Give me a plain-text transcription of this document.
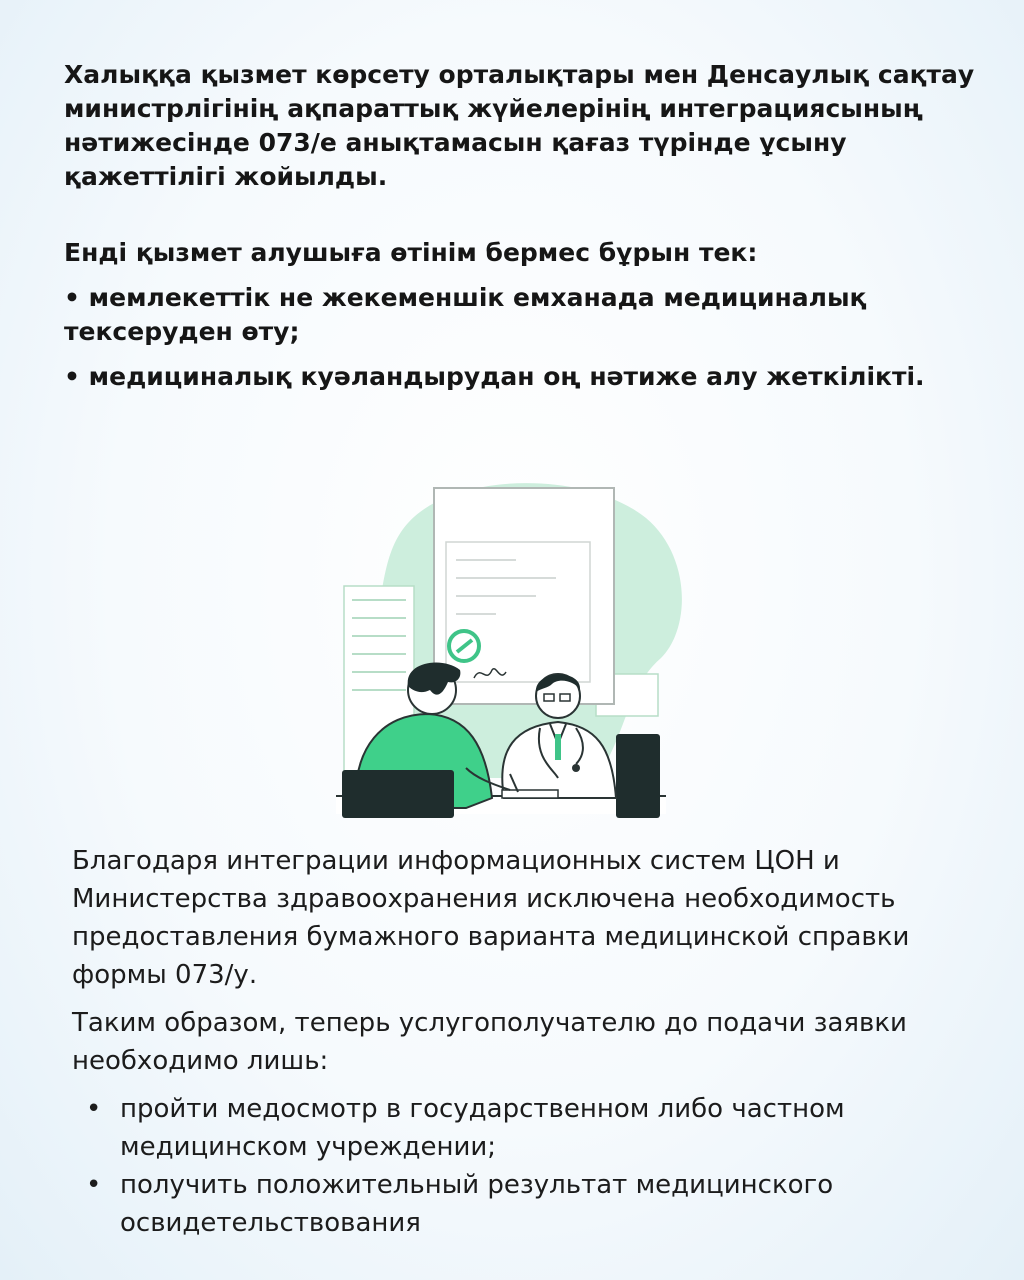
Халыққа қызмет көрсету орталықтары мен Денсаулық сақтау министрлігінің ақпараттық жүйелерінің интеграциясының нәтижесінде 073/е анықтамасын қағаз түрінде ұсыну қажеттілігі жойылды.

Енді қызмет алушыға өтінім бермес бұрын тек:

• мемлекеттік не жекеменшік емханада медициналық тексеруден өту;

• медициналық куәландырудан оң нәтиже алу жеткілікті.

Благодаря интеграции информационных систем ЦОН и Министерства здравоохранения исключена необходимость предоставления бумажного варианта медицинской справки формы 073/у.

Таким образом, теперь услугополучателю до подачи заявки необходимо лишь:

• пройти медосмотр в государственном либо частном медицинском учреждении;
• получить положительный результат медицинского освидетельствования
